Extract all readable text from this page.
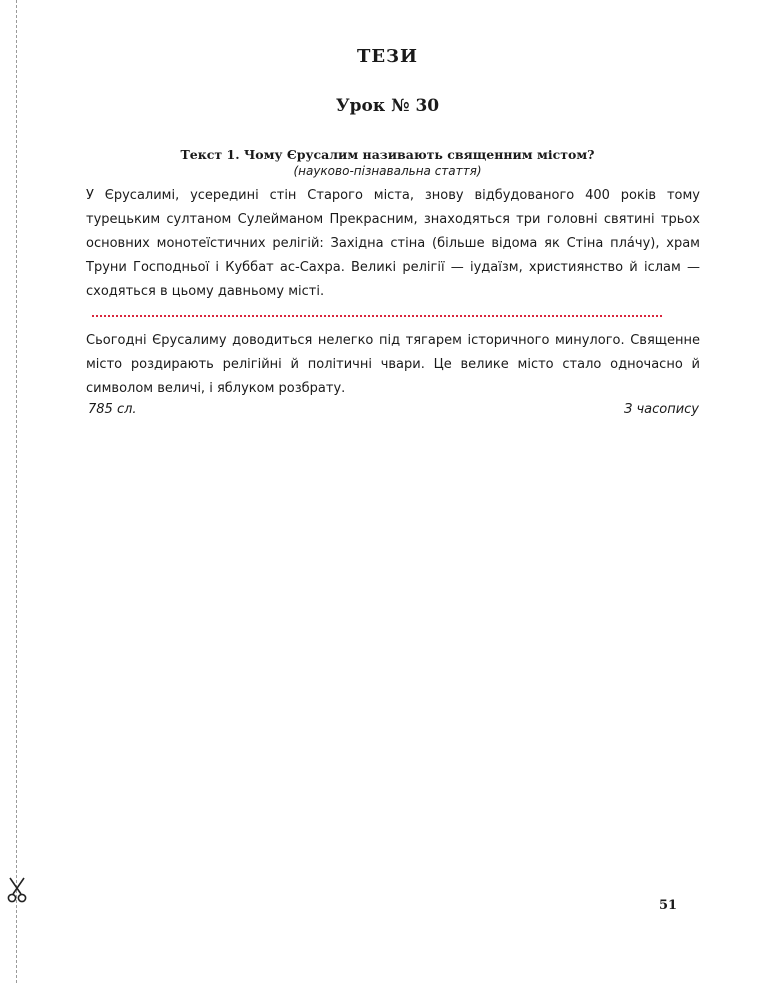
ТЕЗИ
Урок № 30
Текст 1. Чому Єрусалим називають священним містом?

(науково-пізнавальна стаття)

У Єрусалимі, усередині стін Старого міста, знову відбудованого 400 років тому турецьким султаном Сулейманом Прекрасним, знаходяться три головні святині трьох основних монотеїстичних релігій: Західна стіна (більше відома як Стіна пла́чу), храм Труни Господньої і Куббат ас-Сахра. Великі релігії — іудаїзм, християнство й іслам — сходяться в цьому давньому місті.

Сьогодні Єрусалиму доводиться нелегко під тягарем історичного минулого. Священне місто роздирають релігійні й політичні чвари. Це велике місто стало одночасно й символом величі, і яблуком розбрату.

785 сл.	З часопису

51
